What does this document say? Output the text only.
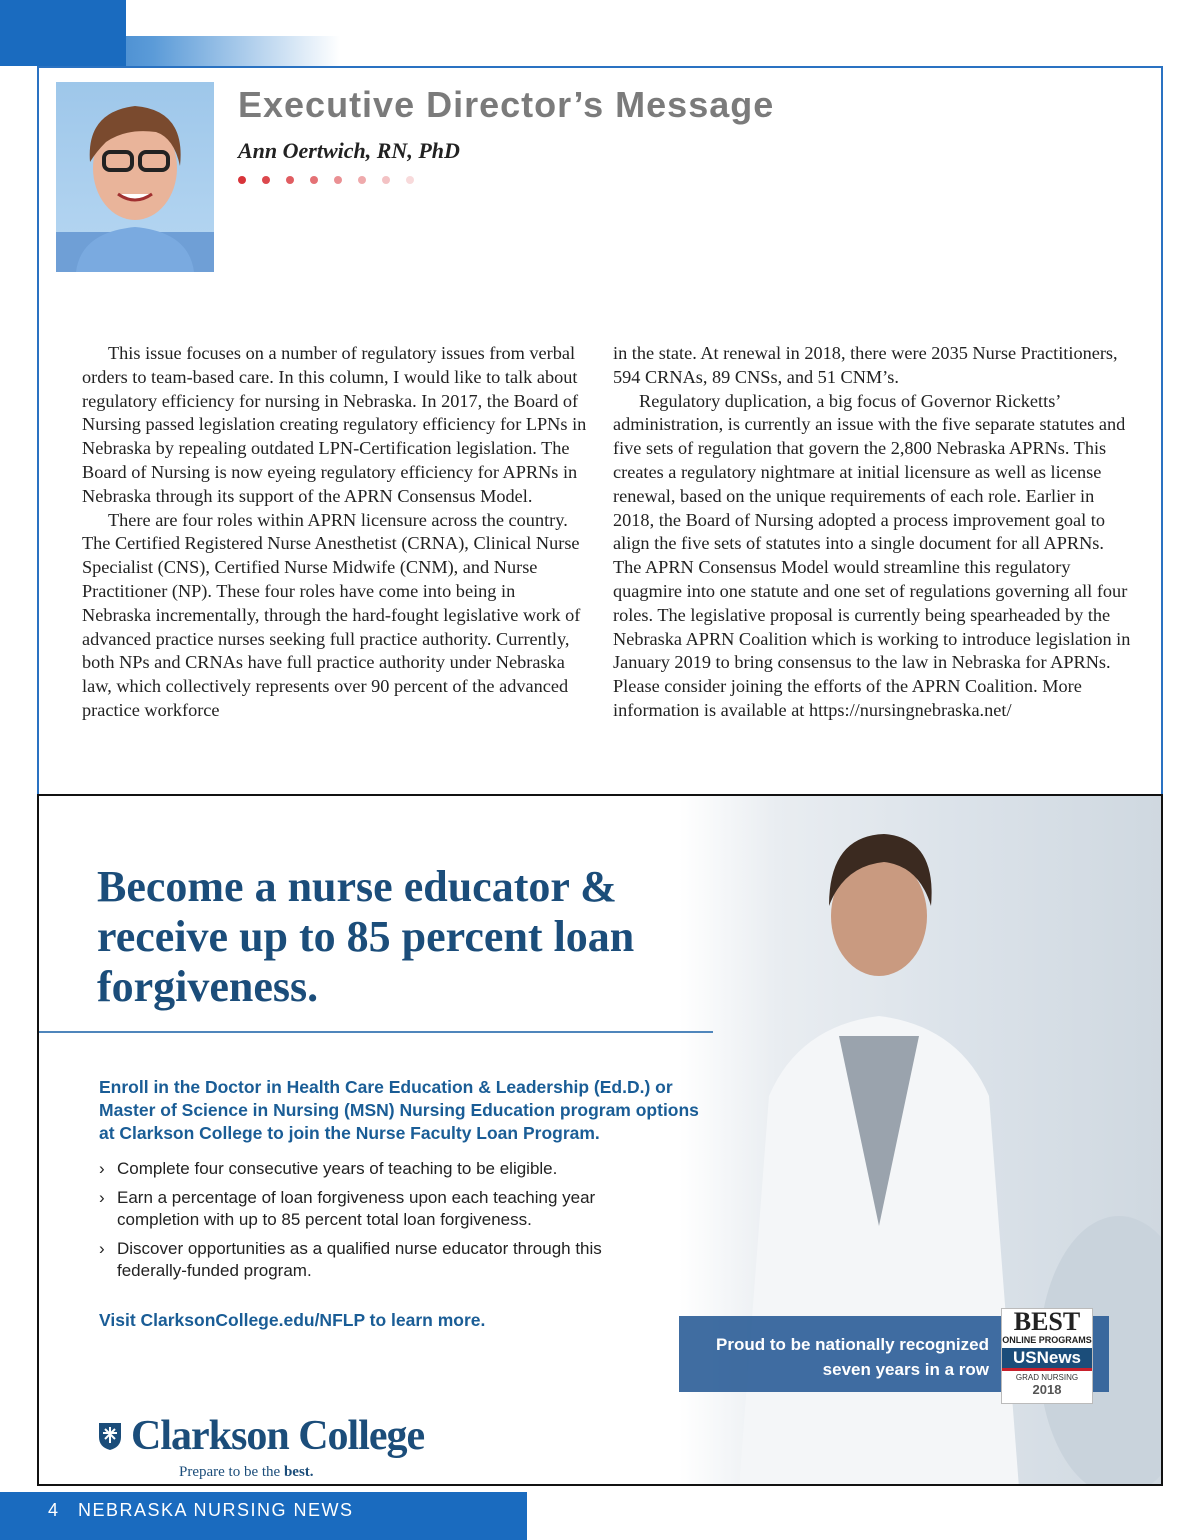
Executive Director’s Message
Ann Oertwich, RN, PhD

This issue focuses on a number of regulatory issues from verbal orders to team-based care. In this column, I would like to talk about regulatory efficiency for nursing in Nebraska. In 2017, the Board of Nursing passed legislation creating regulatory efficiency for LPNs in Nebraska by repealing outdated LPN-Certification legislation. The Board of Nursing is now eyeing regulatory efficiency for APRNs in Nebraska through its support of the APRN Consensus Model.

There are four roles within APRN licensure across the country. The Certified Registered Nurse Anesthetist (CRNA), Clinical Nurse Specialist (CNS), Certified Nurse Midwife (CNM), and Nurse Practitioner (NP). These four roles have come into being in Nebraska incrementally, through the hard-fought legislative work of advanced practice nurses seeking full practice authority. Currently, both NPs and CRNAs have full practice authority under Nebraska law, which collectively represents over 90 percent of the advanced practice workforce

in the state. At renewal in 2018, there were 2035 Nurse Practitioners, 594 CRNAs, 89 CNSs, and 51 CNM’s.

Regulatory duplication, a big focus of Governor Ricketts’ administration, is currently an issue with the five separate statutes and five sets of regulation that govern the 2,800 Nebraska APRNs. This creates a regulatory nightmare at initial licensure as well as license renewal, based on the unique requirements of each role. Earlier in 2018, the Board of Nursing adopted a process improvement goal to align the five sets of statutes into a single document for all APRNs. The APRN Consensus Model would streamline this regulatory quagmire into one statute and one set of regulations governing all four roles. The legislative proposal is currently being spearheaded by the Nebraska APRN Coalition which is working to introduce legislation in January 2019 to bring consensus to the law in Nebraska for APRNs. Please consider joining the efforts of the APRN Coalition. More information is available at https://nursingnebraska.net/

Become a nurse educator & receive up to 85 percent loan forgiveness.
Enroll in the Doctor in Health Care Education & Leadership (Ed.D.) or Master of Science in Nursing (MSN) Nursing Education program options at Clarkson College to join the Nurse Faculty Loan Program.
› Complete four consecutive years of teaching to be eligible.
› Earn a percentage of loan forgiveness upon each teaching year completion with up to 85 percent total loan forgiveness.
› Discover opportunities as a qualified nurse educator through this federally-funded program.
Visit ClarksonCollege.edu/NFLP to learn more.
Clarkson College
Prepare to be the best.
Proud to be nationally recognized seven years in a row
BEST
ONLINE PROGRAMS
USNews
GRAD NURSING
2018
4 NEBRASKA NURSING NEWS
